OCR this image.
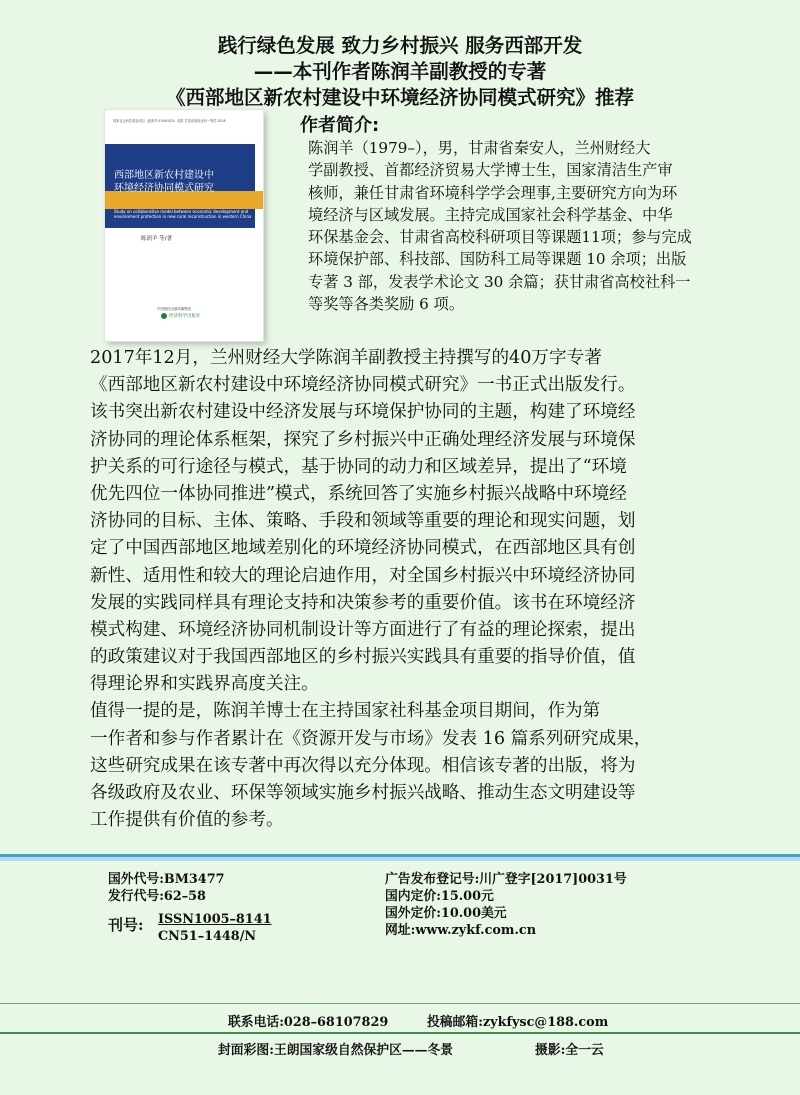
践行绿色发展 致力乡村振兴 服务西部开发
——本刊作者陈润羊副教授的专著
《西部地区新农村建设中环境经济协同模式研究》推荐
国家社会科学基金项目（批准号:15XJY023）成果 甘肃省高校社科一等奖 2018
西部地区新农村建设中
环境经济协同模式研究
Study on collaborative model between economic development and environment protection in new rural reconstruction in western China
陈润羊 等/著
中国财经出版传媒集团
经济科学出版社
作者简介:
陈润羊（1979–），男，甘肃省秦安人，兰州财经大
学副教授、首都经济贸易大学博士生，国家清洁生产审
核师，兼任甘肃省环境科学学会理事,主要研究方向为环
境经济与区域发展。主持完成国家社会科学基金、中华
环保基金会、甘肃省高校科研项目等课题11项；参与完成
环境保护部、科技部、国防科工局等课题 10 余项；出版
专著 3 部，发表学术论文 30 余篇；获甘肃省高校社科一
等奖等各类奖励 6 项。
2017年12月，兰州财经大学陈润羊副教授主持撰写的40万字专著
《西部地区新农村建设中环境经济协同模式研究》一书正式出版发行。
该书突出新农村建设中经济发展与环境保护协同的主题，构建了环境经
济协同的理论体系框架，探究了乡村振兴中正确处理经济发展与环境保
护关系的可行途径与模式，基于协同的动力和区域差异，提出了“环境
优先四位一体协同推进”模式，系统回答了实施乡村振兴战略中环境经
济协同的目标、主体、策略、手段和领域等重要的理论和现实问题，划
定了中国西部地区地域差别化的环境经济协同模式，在西部地区具有创
新性、适用性和较大的理论启迪作用，对全国乡村振兴中环境经济协同
发展的实践同样具有理论支持和决策参考的重要价值。该书在环境经济
模式构建、环境经济协同机制设计等方面进行了有益的理论探索，提出
的政策建议对于我国西部地区的乡村振兴实践具有重要的指导价值，值
得理论界和实践界高度关注。
值得一提的是，陈润羊博士在主持国家社科基金项目期间，作为第
一作者和参与作者累计在《资源开发与市场》发表 16 篇系列研究成果，
这些研究成果在该专著中再次得以充分体现。相信该专著的出版，将为
各级政府及农业、环保等领域实施乡村振兴战略、推动生态文明建设等
工作提供有价值的参考。
国外代号:BM3477
发行代号:62–58
刊号: ISSN1005–8141
CN51–1448/N
广告发布登记号:川广登字[2017]0031号
国内定价:15.00元
国外定价:10.00美元
网址:www.zykf.com.cn
联系电话:028–68107829	投稿邮箱:zykfysc@188.com
封面彩图:王朗国家级自然保护区——冬景	摄影:全一云
